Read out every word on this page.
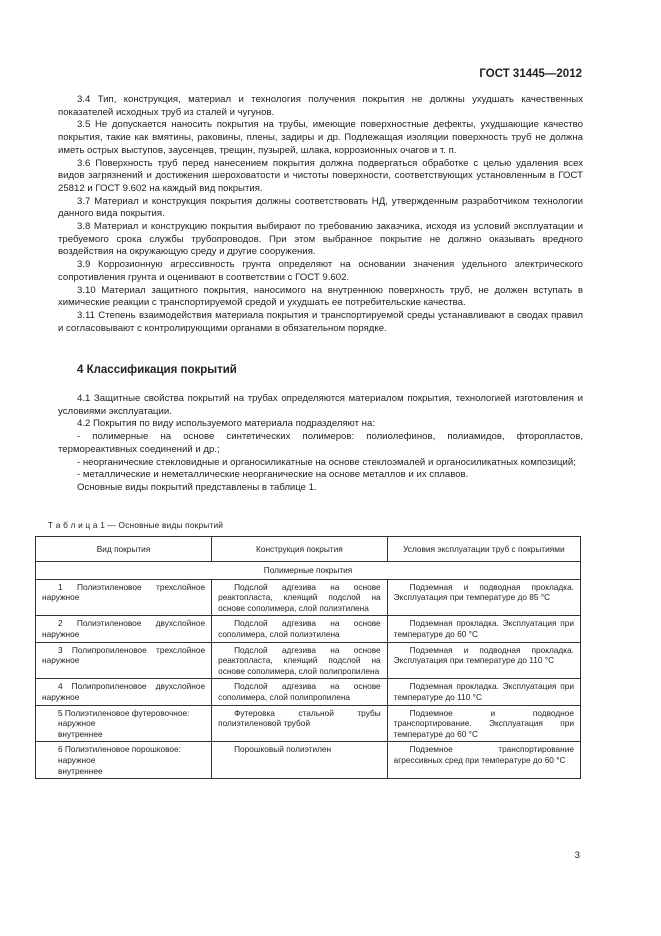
ГОСТ 31445—2012

3.4 Тип, конструкция, материал и технология получения покрытия не должны ухудшать качественных показателей исходных труб из сталей и чугунов.

3.5 Не допускается наносить покрытия на трубы, имеющие поверхностные дефекты, ухудшающие качество покрытия, такие как вмятины, раковины, плены, задиры и др. Подлежащая изоляции поверхность труб не должна иметь острых выступов, заусенцев, трещин, пузырей, шлака, коррозионных очагов и т. п.

3.6 Поверхность труб перед нанесением покрытия должна подвергаться обработке с целью удаления всех видов загрязнений и достижения шероховатости и чистоты поверхности, соответствующих установленным в ГОСТ 25812 и ГОСТ 9.602 на каждый вид покрытия.

3.7 Материал и конструкция покрытия должны соответствовать НД, утвержденным разработчиком технологии данного вида покрытия.

3.8 Материал и конструкцию покрытия выбирают по требованию заказчика, исходя из условий эксплуатации и требуемого срока службы трубопроводов. При этом выбранное покрытие не должно оказывать вредного воздействия на окружающую среду и другие сооружения.

3.9 Коррозионную агрессивность грунта определяют на основании значения удельного электрического сопротивления грунта и оценивают в соответствии с ГОСТ 9.602.

3.10 Материал защитного покрытия, наносимого на внутреннюю поверхность труб, не должен вступать в химические реакции с транспортируемой средой и ухудшать ее потребительские качества.

3.11 Степень взаимодействия материала покрытия и транспортируемой среды устанавливают в сводах правил и согласовывают с контролирующими органами в обязательном порядке.

4 Классификация покрытий

4.1 Защитные свойства покрытий на трубах определяются материалом покрытия, технологией изготовления и условиями эксплуатации.

4.2 Покрытия по виду используемого материала подразделяют на:

- полимерные на основе синтетических полимеров: полиолефинов, полиамидов, фторопластов, термореактивных соединений и др.;

- неорганические стекловидные и органосиликатные на основе стеклоэмалей и органосиликатных композиций;

- металлические и неметаллические неорганические на основе металлов и их сплавов.

Основные виды покрытий представлены в таблице 1.

Т а б л и ц а 1 — Основные виды покрытий
Вид покрытия	Конструкция покрытия	Условия эксплуатации труб с покрытиями
Полимерные покрытия		

1 Полиэтиленовое трехслойное наружное	Подслой адгезива на основе реактопласта, клеящий подслой на основе сополимера, слой полиэтилена	Подземная и подводная прокладка. Эксплуатация при температуре до 85 °С

2 Полиэтиленовое двухслойное наружное	Подслой адгезива на основе сополимера, слой полиэтилена	Подземная прокладка. Эксплуатация при температуре до 60 °С

3 Полипропиленовое трехслойное наружное	Подслой адгезива на основе реактопласта, клеящий подслой на основе сополимера, слой полипропилена	Подземная и подводная прокладка. Эксплуатация при температуре до 110 °С

4 Полипропиленовое двухслойное наружное	Подслой адгезива на основе сополимера, слой полипропилена	Подземная прокладка. Эксплуатация при температуре до 110 °С

5 Полиэтиленовое футеровочное:
наружное
внутреннее	Футеровка стальной трубы полиэтиленовой трубой	Подземное и подводное транспортирование. Эксплуатация при температуре до 60 °С

6 Полиэтиленовое порошковое:
наружное
внутреннее	Порошковый полиэтилен	Подземное транспортирование агрессивных сред при температуре до 60 °С
3
